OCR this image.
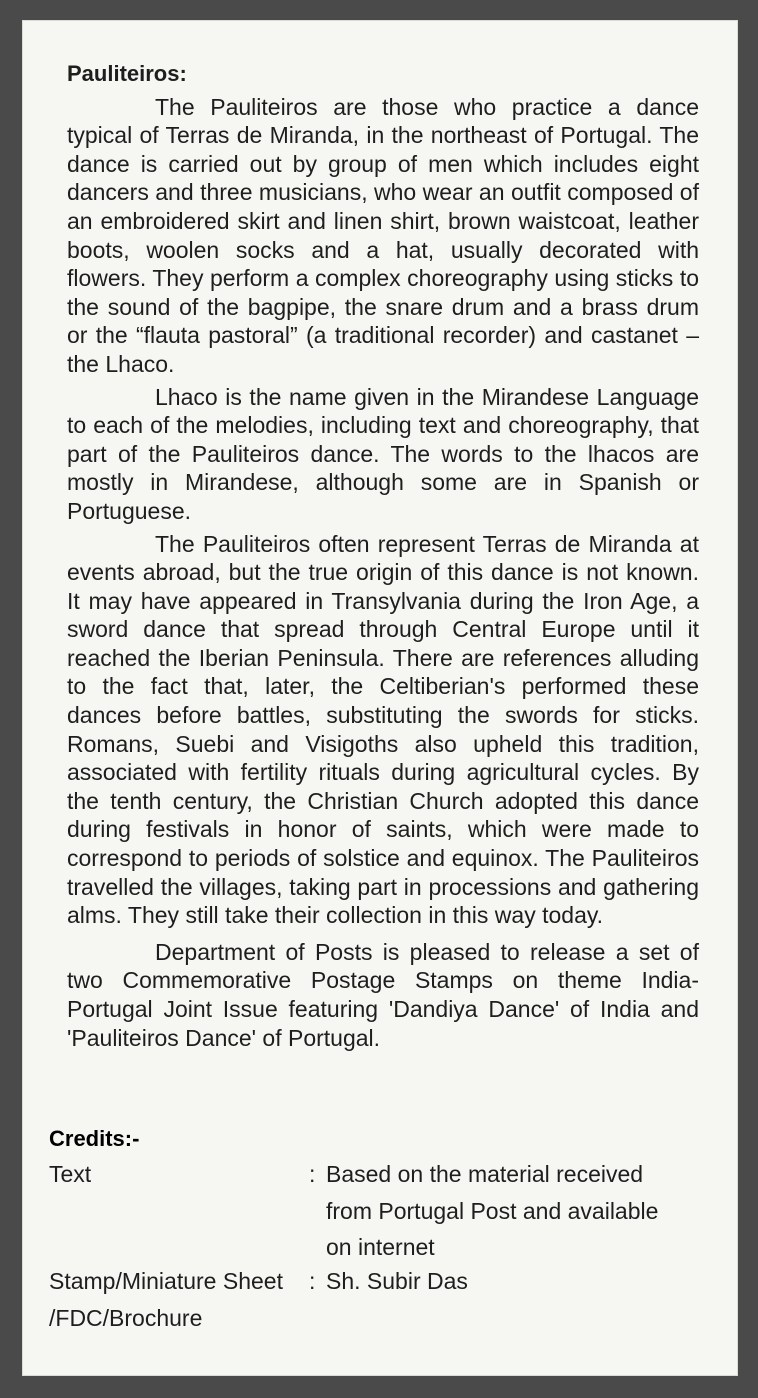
Pauliteiros:

The Pauliteiros are those who practice a dance typical of Terras de Miranda, in the northeast of Portugal. The dance is carried out by group of men which includes eight dancers and three musicians, who wear an outfit composed of an embroidered skirt and linen shirt, brown waistcoat, leather boots, woolen socks and a hat, usually decorated with flowers. They perform a complex choreography using sticks to the sound of the bagpipe, the snare drum and a brass drum or the “flauta pastoral” (a traditional recorder) and castanet – the Lhaco.

Lhaco is the name given in the Mirandese Language to each of the melodies, including text and choreography, that part of the Pauliteiros dance. The words to the lhacos are mostly in Mirandese, although some are in Spanish or Portuguese.

The Pauliteiros often represent Terras de Miranda at events abroad, but the true origin of this dance is not known. It may have appeared in Transylvania during the Iron Age, a sword dance that spread through Central Europe until it reached the Iberian Peninsula. There are references alluding to the fact that, later, the Celtiberian's performed these dances before battles, substituting the swords for sticks. Romans, Suebi and Visigoths also upheld this tradition, associated with fertility rituals during agricultural cycles. By the tenth century, the Christian Church adopted this dance during festivals in honor of saints, which were made to correspond to periods of solstice and equinox. The Pauliteiros travelled the villages, taking part in processions and gathering alms. They still take their collection in this way today.

Department of Posts is pleased to release a set of two Commemorative Postage Stamps on theme India-Portugal Joint Issue featuring 'Dandiya Dance' of India and 'Pauliteiros Dance' of Portugal.

Credits:-
Text	: Based on the material received from Portugal Post and available on internet
Stamp/Miniature Sheet /FDC/Brochure
: Sh. Subir Das
